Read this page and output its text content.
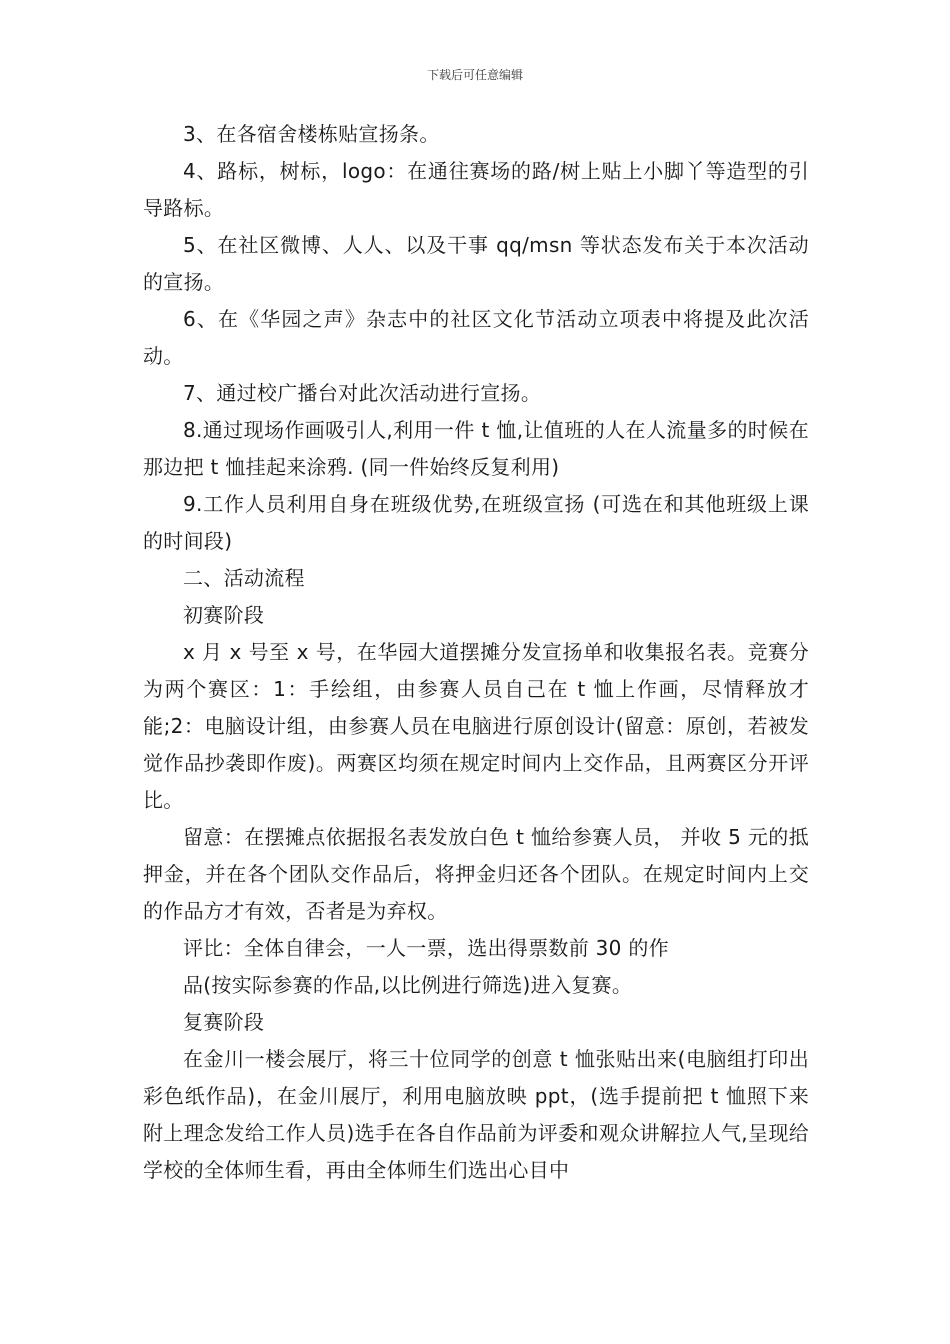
下载后可任意编辑

3、在各宿舍楼栋贴宣扬条。

4、路标，树标，logo：在通往赛场的路/树上贴上小脚丫等造型的引导路标。

5、在社区微博、人人、以及干事 qq/msn 等状态发布关于本次活动的宣扬。

6、在《华园之声》杂志中的社区文化节活动立项表中将提及此次活动。

7、通过校广播台对此次活动进行宣扬。

8.通过现场作画吸引人,利用一件 t 恤,让值班的人在人流量多的时候在那边把 t 恤挂起来涂鸦. (同一件始终反复利用)

9.工作人员利用自身在班级优势,在班级宣扬 (可选在和其他班级上课的时间段)

二、活动流程

初赛阶段

x 月 x 号至 x 号，在华园大道摆摊分发宣扬单和收集报名表。竞赛分为两个赛区：1：手绘组，由参赛人员自己在 t 恤上作画，尽情释放才能;2：电脑设计组，由参赛人员在电脑进行原创设计(留意：原创，若被发觉作品抄袭即作废)。两赛区均须在规定时间内上交作品，且两赛区分开评比。

留意：在摆摊点依据报名表发放白色 t 恤给参赛人员， 并收 5 元的抵押金，并在各个团队交作品后，将押金归还各个团队。在规定时间内上交的作品方才有效，否者是为弃权。

评比：全体自律会，一人一票，选出得票数前 30 的作

品(按实际参赛的作品,以比例进行筛选)进入复赛。

复赛阶段

在金川一楼会展厅，将三十位同学的创意 t 恤张贴出来(电脑组打印出彩色纸作品)，在金川展厅，利用电脑放映 ppt，(选手提前把 t 恤照下来 附上理念发给工作人员)选手在各自作品前为评委和观众讲解拉人气,呈现给学校的全体师生看，再由全体师生们选出心目中
